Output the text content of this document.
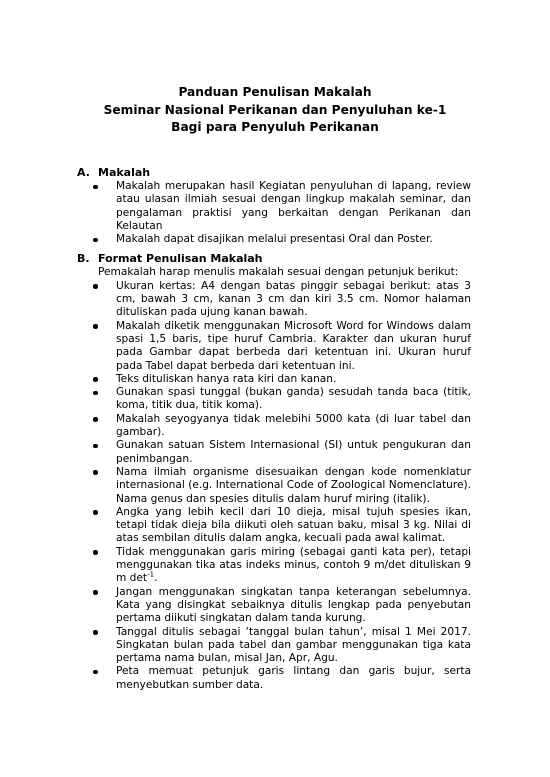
Panduan Penulisan Makalah
Seminar Nasional Perikanan dan Penyuluhan ke-1
Bagi para Penyuluh Perikanan
A. Makalah
Makalah merupakan hasil Kegiatan penyuluhan di lapang, review atau ulasan ilmiah sesuai dengan lingkup makalah seminar, dan pengalaman praktisi yang berkaitan dengan Perikanan dan Kelautan
Makalah dapat disajikan melalui presentasi Oral dan Poster.
B. Format Penulisan Makalah
Pemakalah harap menulis makalah sesuai dengan petunjuk berikut:
Ukuran kertas: A4 dengan batas pinggir sebagai berikut: atas 3 cm, bawah 3 cm, kanan 3 cm dan kiri 3.5 cm. Nomor halaman dituliskan pada ujung kanan bawah.
Makalah diketik menggunakan Microsoft Word for Windows dalam spasi 1,5 baris, tipe huruf Cambria. Karakter dan ukuran huruf pada Gambar dapat berbeda dari ketentuan ini. Ukuran huruf pada Tabel dapat berbeda dari ketentuan ini.
Teks dituliskan hanya rata kiri dan kanan.
Gunakan spasi tunggal (bukan ganda) sesudah tanda baca (titik, koma, titik dua, titik koma).
Makalah seyogyanya tidak melebihi 5000 kata (di luar tabel dan gambar).
Gunakan satuan Sistem Internasional (SI) untuk pengukuran dan penimbangan.
Nama ilmiah organisme disesuaikan dengan kode nomenklatur internasional (e.g. International Code of Zoological Nomenclature). Nama genus dan spesies ditulis dalam huruf miring (italik).
Angka yang lebih kecil dari 10 dieja, misal tujuh spesies ikan, tetapi tidak dieja bila diikuti oleh satuan baku, misal 3 kg. Nilai di atas sembilan ditulis dalam angka, kecuali pada awal kalimat.
Tidak menggunakan garis miring (sebagai ganti kata per), tetapi menggunakan tika atas indeks minus, contoh 9 m/det dituliskan 9 m $\det^{-1}$.
Jangan menggunakan singkatan tanpa keterangan sebelumnya. Kata yang disingkat sebaiknya ditulis lengkap pada penyebutan pertama diikuti singkatan dalam tanda kurung.
Tanggal ditulis sebagai ‘tanggal bulan tahun’, misal 1 Mei 2017. Singkatan bulan pada tabel dan gambar menggunakan tiga kata pertama nama bulan, misal Jan, Apr, Agu.
Peta memuat petunjuk garis lintang dan garis bujur, serta menyebutkan sumber data.
